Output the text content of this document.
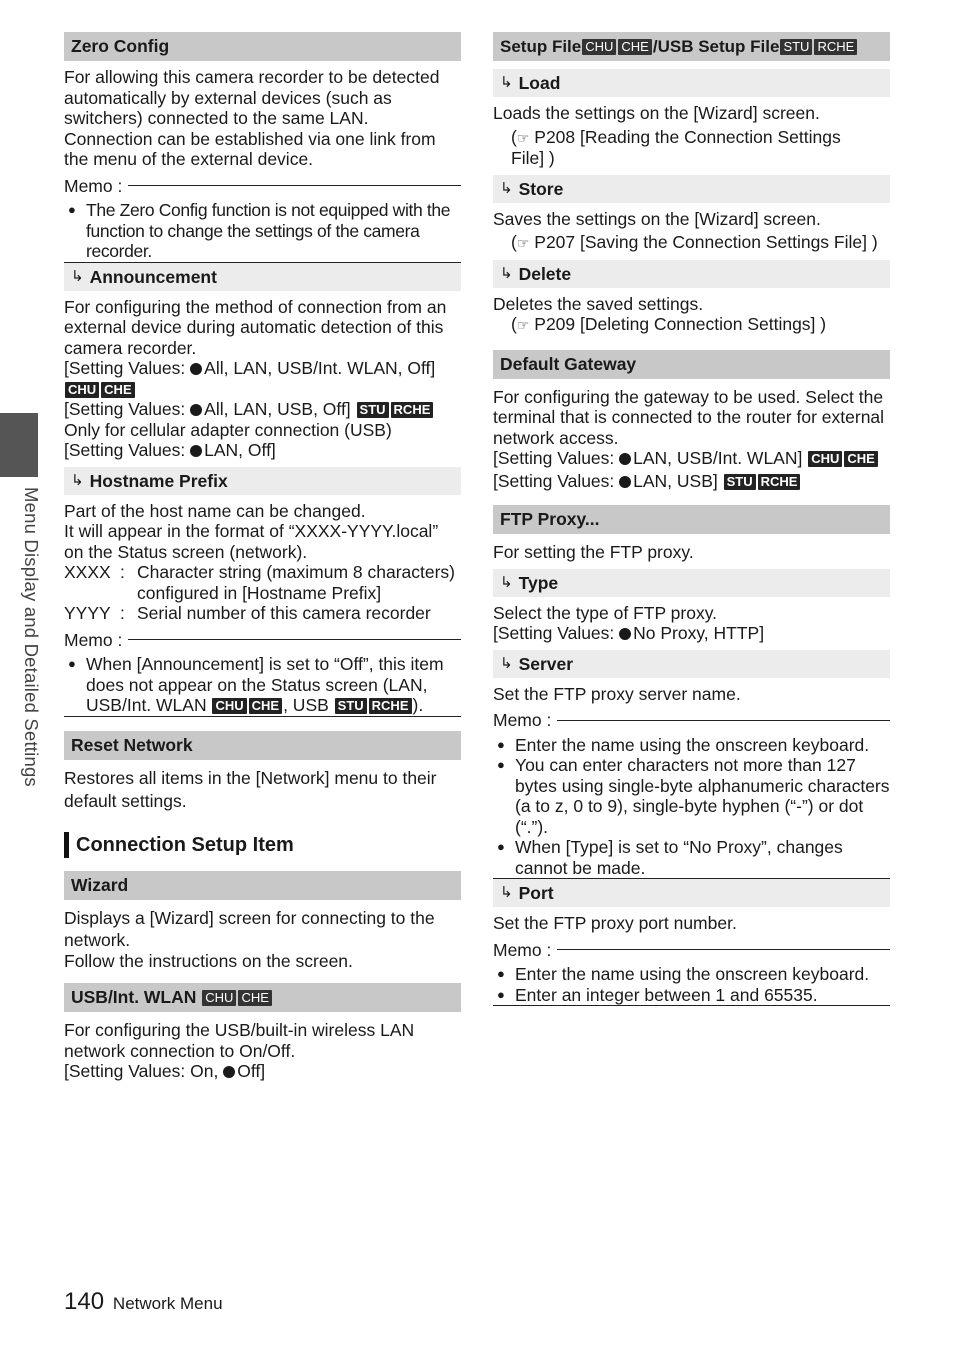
Menu Display and Detailed Settings
Zero Config

For allowing this camera recorder to be detected

automatically by external devices (such as

switchers) connected to the same LAN.

Connection can be established via one link from

the menu of the external device.

Memo :
● The Zero Config function is not equipped with the function to change the settings of the camera recorder.
↳ Announcement

For configuring the method of connection from an

external device during automatic detection of this

camera recorder.

[Setting Values: All, LAN, USB/Int. WLAN, Off]

CHU CHE

[Setting Values: All, LAN, USB, Off] STU RCHE

Only for cellular adapter connection (USB)

[Setting Values: LAN, Off]

↳ Hostname Prefix

Part of the host name can be changed.

It will appear in the format of “XXXX-YYYY.local”

on the Status screen (network).

XXXX : Character string (maximum 8 characters) configured in [Hostname Prefix]
YYYY : Serial number of this camera recorder
Memo :
● When [Announcement] is set to “Off”, this item does not appear on the Status screen (LAN, USB/Int. WLAN CHU CHE , USB STU RCHE ).
Reset Network

Restores all items in the [Network] menu to their

default settings.

Connection Setup Item
Wizard

Displays a [Wizard] screen for connecting to the

network.

Follow the instructions on the screen.

USB/Int. WLAN CHU CHE

For configuring the USB/built-in wireless LAN

network connection to On/Off.

[Setting Values: On, Off]

Setup File CHU CHE /USB Setup File STU RCHE
↳ Load

Loads the settings on the [Wizard] screen.

(☞ P208 [Reading the Connection Settings

File] )

↳ Store

Saves the settings on the [Wizard] screen.

(☞ P207 [Saving the Connection Settings File] )

↳ Delete

Deletes the saved settings.

(☞ P209 [Deleting Connection Settings] )

Default Gateway

For configuring the gateway to be used. Select the

terminal that is connected to the router for external

network access.

[Setting Values: LAN, USB/Int. WLAN] CHU CHE

[Setting Values: LAN, USB] STU RCHE

FTP Proxy...

For setting the FTP proxy.

↳ Type

Select the type of FTP proxy.

[Setting Values: No Proxy, HTTP]

↳ Server

Set the FTP proxy server name.

Memo :
● Enter the name using the onscreen keyboard.
● You can enter characters not more than 127 bytes using single-byte alphanumeric characters (a to z, 0 to 9), single-byte hyphen (“-”) or dot (“.”).
● When [Type] is set to “No Proxy”, changes cannot be made.
↳ Port

Set the FTP proxy port number.

Memo :
● Enter the name using the onscreen keyboard.
● Enter an integer between 1 and 65535.
140 Network Menu
